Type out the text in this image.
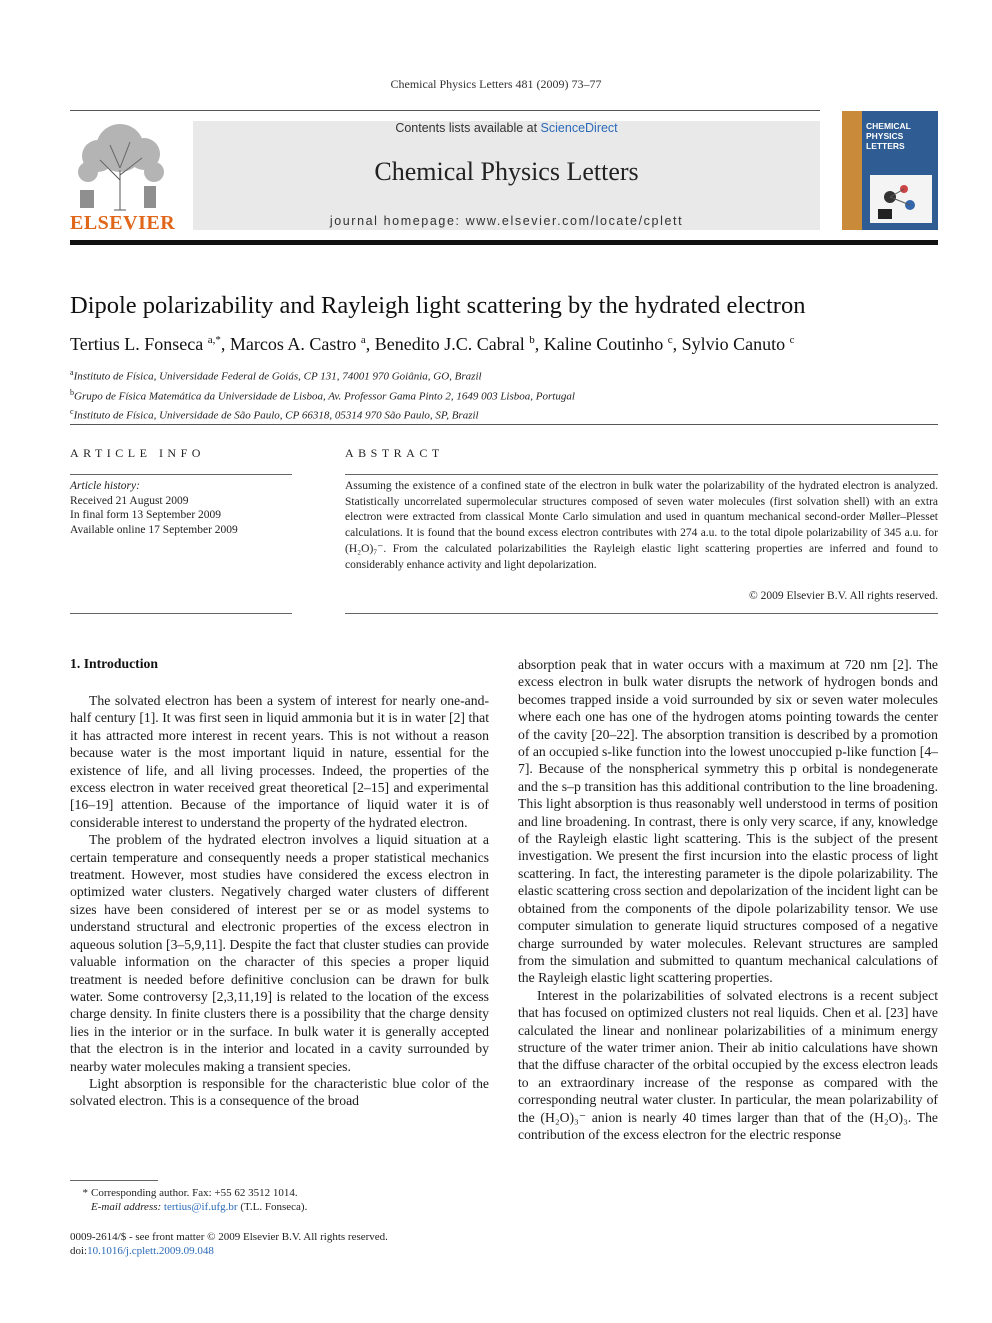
Chemical Physics Letters 481 (2009) 73–77
ELSEVIER
Contents lists available at ScienceDirect
Chemical Physics Letters
journal homepage: www.elsevier.com/locate/cplett
CHEMICAL
PHYSICS
LETTERS
Dipole polarizability and Rayleigh light scattering by the hydrated electron
Tertius L. Fonseca $^{a,*}$, Marcos A. Castro $^a$, Benedito J.C. Cabral $^b$, Kaline Coutinho $^c$, Sylvio Canuto $^c$
$^a$Instituto de Física, Universidade Federal de Goiás, CP 131, 74001 970 Goiânia, GO, Brazil
$^b$Grupo de Física Matemática da Universidade de Lisboa, Av. Professor Gama Pinto 2, 1649 003 Lisboa, Portugal
$^c$Instituto de Física, Universidade de São Paulo, CP 66318, 05314 970 São Paulo, SP, Brazil
ARTICLE INFO
Article history:
Received 21 August 2009
In final form 13 September 2009
Available online 17 September 2009
ABSTRACT
Assuming the existence of a confined state of the electron in bulk water the polarizability of the hydrated electron is analyzed. Statistically uncorrelated supermolecular structures composed of seven water molecules (first solvation shell) with an extra electron were extracted from classical Monte Carlo simulation and used in quantum mechanical second-order Møller–Plesset calculations. It is found that the bound excess electron contributes with 274 a.u. to the total dipole polarizability of 345 a.u. for (H₂O)₇⁻. From the calculated polarizabilities the Rayleigh elastic light scattering properties are inferred and found to considerably enhance activity and light depolarization.
© 2009 Elsevier B.V. All rights reserved.
1. Introduction

The solvated electron has been a system of interest for nearly one-and-half century [1]. It was first seen in liquid ammonia but it is in water [2] that it has attracted more interest in recent years. This is not without a reason because water is the most important liquid in nature, essential for the existence of life, and all living processes. Indeed, the properties of the excess electron in water received great theoretical [2–15] and experimental [16–19] attention. Because of the importance of liquid water it is of considerable interest to understand the property of the hydrated electron.

The problem of the hydrated electron involves a liquid situation at a certain temperature and consequently needs a proper statistical mechanics treatment. However, most studies have considered the excess electron in optimized water clusters. Negatively charged water clusters of different sizes have been considered of interest per se or as model systems to understand structural and electronic properties of the excess electron in aqueous solution [3–5,9,11]. Despite the fact that cluster studies can provide valuable information on the character of this species a proper liquid treatment is needed before definitive conclusion can be drawn for bulk water. Some controversy [2,3,11,19] is related to the location of the excess charge density. In finite clusters there is a possibility that the charge density lies in the interior or in the surface. In bulk water it is generally accepted that the electron is in the interior and located in a cavity surrounded by nearby water molecules making a transient species.

Light absorption is responsible for the characteristic blue color of the solvated electron. This is a consequence of the broad

absorption peak that in water occurs with a maximum at 720 nm [2]. The excess electron in bulk water disrupts the network of hydrogen bonds and becomes trapped inside a void surrounded by six or seven water molecules where each one has one of the hydrogen atoms pointing towards the center of the cavity [20–22]. The absorption transition is described by a promotion of an occupied s-like function into the lowest unoccupied p-like function [4–7]. Because of the nonspherical symmetry this p orbital is nondegenerate and the s–p transition has this additional contribution to the line broadening. This light absorption is thus reasonably well understood in terms of position and line broadening. In contrast, there is only very scarce, if any, knowledge of the Rayleigh elastic light scattering. This is the subject of the present investigation. We present the first incursion into the elastic process of light scattering. In fact, the interesting parameter is the dipole polarizability. The elastic scattering cross section and depolarization of the incident light can be obtained from the components of the dipole polarizability tensor. We use computer simulation to generate liquid structures composed of a negative charge surrounded by water molecules. Relevant structures are sampled from the simulation and submitted to quantum mechanical calculations of the Rayleigh elastic light scattering properties.

Interest in the polarizabilities of solvated electrons is a recent subject that has focused on optimized clusters not real liquids. Chen et al. [23] have calculated the linear and nonlinear polarizabilities of a minimum energy structure of the water trimer anion. Their ab initio calculations have shown that the diffuse character of the orbital occupied by the excess electron leads to an extraordinary increase of the response as compared with the corresponding neutral water cluster. In particular, the mean polarizability of the (H₂O)₃⁻ anion is nearly 40 times larger than that of the (H₂O)₃. The contribution of the excess electron for the electric response

* Corresponding author. Fax: +55 62 3512 1014.
E-mail address: tertius@if.ufg.br (T.L. Fonseca).
0009-2614/$ - see front matter © 2009 Elsevier B.V. All rights reserved.
doi:10.1016/j.cplett.2009.09.048
